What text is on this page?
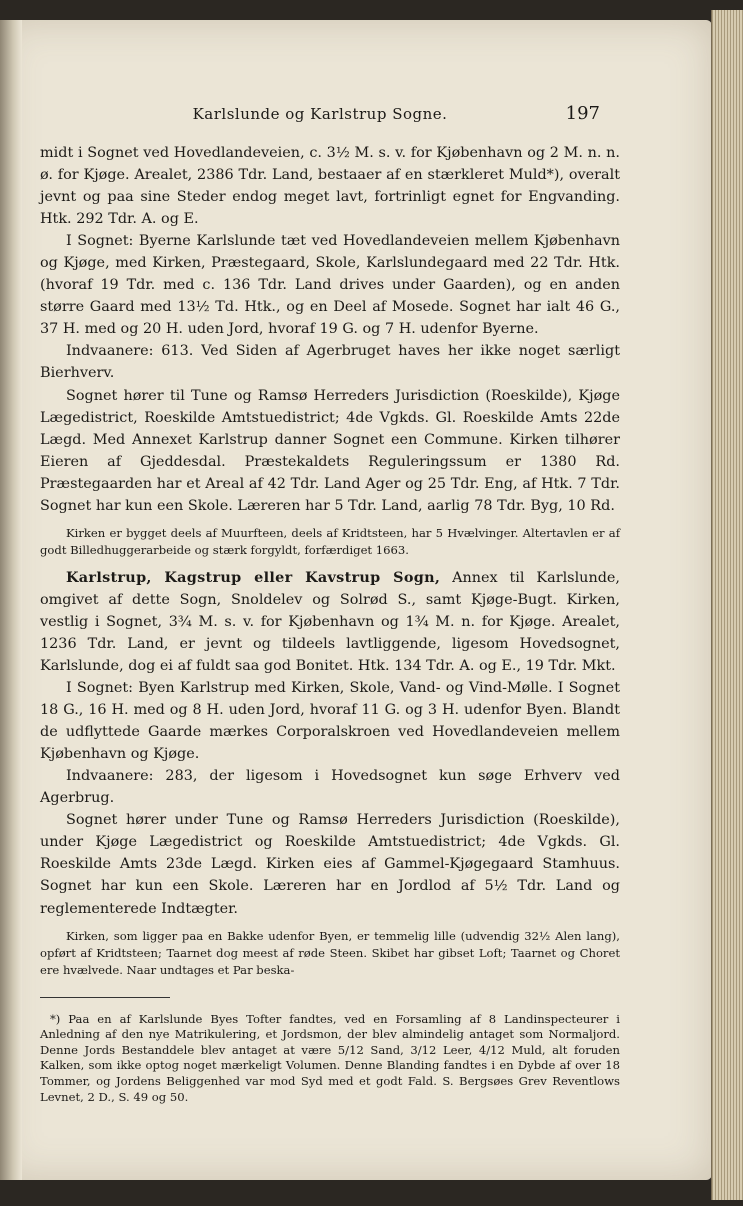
Karlslunde og Karlstrup Sogne.	197

midt i Sognet ved Hovedlandeveien, c. 3½ M. s. v. for Kjøbenhavn og 2 M. n. n. ø. for Kjøge. Arealet, 2386 Tdr. Land, bestaaer af en stærkleret Muld*), overalt jevnt og paa sine Steder endog meget lavt, fortrinligt egnet for Engvanding. Htk. 292 Tdr. A. og E.

I Sognet: Byerne Karlslunde tæt ved Hovedlandeveien mellem Kjøbenhavn og Kjøge, med Kirken, Præstegaard, Skole, Karlslundegaard med 22 Tdr. Htk. (hvoraf 19 Tdr. med c. 136 Tdr. Land drives under Gaarden), og en anden større Gaard med 13½ Td. Htk., og en Deel af Mosede. Sognet har ialt 46 G., 37 H. med og 20 H. uden Jord, hvoraf 19 G. og 7 H. udenfor Byerne.

Indvaanere: 613. Ved Siden af Agerbruget haves her ikke noget særligt Bierhverv.

Sognet hører til Tune og Ramsø Herreders Jurisdiction (Roeskilde), Kjøge Lægedistrict, Roeskilde Amtstuedistrict; 4de Vgkds. Gl. Roeskilde Amts 22de Lægd. Med Annexet Karlstrup danner Sognet een Commune. Kirken tilhører Eieren af Gjeddesdal. Præstekaldets Reguleringssum er 1380 Rd. Præstegaarden har et Areal af 42 Tdr. Land Ager og 25 Tdr. Eng, af Htk. 7 Tdr. Sognet har kun een Skole. Læreren har 5 Tdr. Land, aarlig 78 Tdr. Byg, 10 Rd.

Kirken er bygget deels af Muurfteen, deels af Kridtsteen, har 5 Hvælvinger. Altertavlen er af godt Billedhuggerarbeide og stærk forgyldt, forfærdiget 1663.

Karlstrup, Kagstrup eller Kavstrup Sogn, Annex til Karlslunde, omgivet af dette Sogn, Snoldelev og Solrød S., samt Kjøge-Bugt. Kirken, vestlig i Sognet, 3¾ M. s. v. for Kjøbenhavn og 1¾ M. n. for Kjøge. Arealet, 1236 Tdr. Land, er jevnt og tildeels lavtliggende, ligesom Hovedsognet, Karlslunde, dog ei af fuldt saa god Bonitet. Htk. 134 Tdr. A. og E., 19 Tdr. Mkt.

I Sognet: Byen Karlstrup med Kirken, Skole, Vand- og Vind-Mølle. I Sognet 18 G., 16 H. med og 8 H. uden Jord, hvoraf 11 G. og 3 H. udenfor Byen. Blandt de udflyttede Gaarde mærkes Corporalskroen ved Hovedlandeveien mellem Kjøbenhavn og Kjøge.

Indvaanere: 283, der ligesom i Hovedsognet kun søge Erhverv ved Agerbrug.

Sognet hører under Tune og Ramsø Herreders Jurisdiction (Roeskilde), under Kjøge Lægedistrict og Roeskilde Amtstuedistrict; 4de Vgkds. Gl. Roeskilde Amts 23de Lægd. Kirken eies af Gammel-Kjøgegaard Stamhuus. Sognet har kun een Skole. Læreren har en Jordlod af 5½ Tdr. Land og reglementerede Indtægter.

Kirken, som ligger paa en Bakke udenfor Byen, er temmelig lille (udvendig 32½ Alen lang), opført af Kridtsteen; Taarnet dog meest af røde Steen. Skibet har gibset Loft; Taarnet og Choret ere hvælvede. Naar undtages et Par beska-

*) Paa en af Karlslunde Byes Tofter fandtes, ved en Forsamling af 8 Landinspecteurer i Anledning af den nye Matrikulering, et Jordsmon, der blev almindelig antaget som Normaljord. Denne Jords Bestanddele blev antaget at være 5/12 Sand, 3/12 Leer, 4/12 Muld, alt foruden Kalken, som ikke optog noget mærkeligt Volumen. Denne Blanding fandtes i en Dybde af over 18 Tommer, og Jordens Beliggenhed var mod Syd med et godt Fald. S. Bergsøes Grev Reventlows Levnet, 2 D., S. 49 og 50.
